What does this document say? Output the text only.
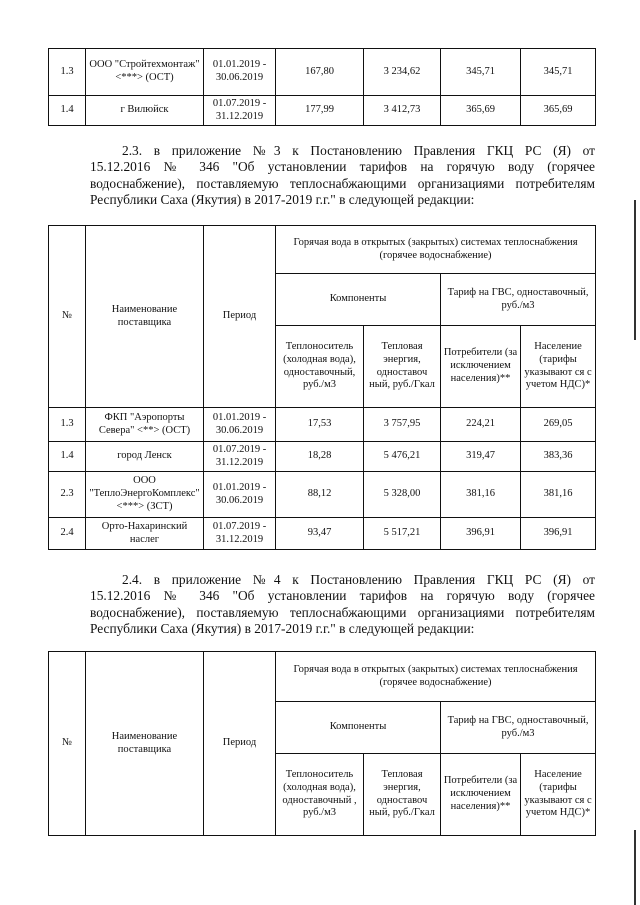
1.3	ООО "Стройтехмонтаж" <***> (ОСТ)	01.01.2019 - 30.06.2019	167,80	3 234,62	345,71	345,71
1.4	г Вилюйск	01.07.2019 - 31.12.2019	177,99	3 412,73	365,69	365,69
2.3. в приложение №3 к Постановлению Правления ГКЦ РС (Я) от
15.12.2016 № 346 "Об установлении тарифов на горячую воду (горячее
водоснабжение), поставляемую теплоснабжающими организациями потребителям
Республики Саха (Якутия) в 2017-2019 г.г." в следующей редакции:
№	Наименование поставщика	Период	Горячая вода в открытых (закрытых) системах теплоснабжения (горячее водоснабжение)			
			Компоненты		Тариф на ГВС, одноставочный, руб./м3	
			Теплоноситель (холодная вода), одноставочный, руб./м3	Тепловая энергия, одноставоч ный, руб./Гкал	Потребители (за исключением населения)**	Население (тарифы указывают ся с учетом НДС)*
1.3	ФКП "Аэропорты Севера" <**> (ОСТ)	01.01.2019 - 30.06.2019	17,53	3 757,95	224,21	269,05
1.4	город Ленск	01.07.2019 - 31.12.2019	18,28	5 476,21	319,47	383,36
2.3	ООО "ТеплоЭнергоКомплекс" <***> (ЗСТ)	01.01.2019 - 30.06.2019	88,12	5 328,00	381,16	381,16
2.4	Орто-Нахаринский наслег	01.07.2019 - 31.12.2019	93,47	5 517,21	396,91	396,91
2.4. в приложение №4 к Постановлению Правления ГКЦ РС (Я) от
15.12.2016 № 346 "Об установлении тарифов на горячую воду (горячее
водоснабжение), поставляемую теплоснабжающими организациями потребителям
Республики Саха (Якутия) в 2017-2019 г.г." в следующей редакции:
№	Наименование поставщика	Период	Горячая вода в открытых (закрытых) системах теплоснабжения (горячее водоснабжение)			
			Компоненты		Тариф на ГВС, одноставочный, руб./м3	
			Теплоноситель (холодная вода), одноставочный , руб./м3	Тепловая энергия, одноставоч ный, руб./Гкал	Потребители (за исключением населения)**	Население (тарифы указывают ся с учетом НДС)*
